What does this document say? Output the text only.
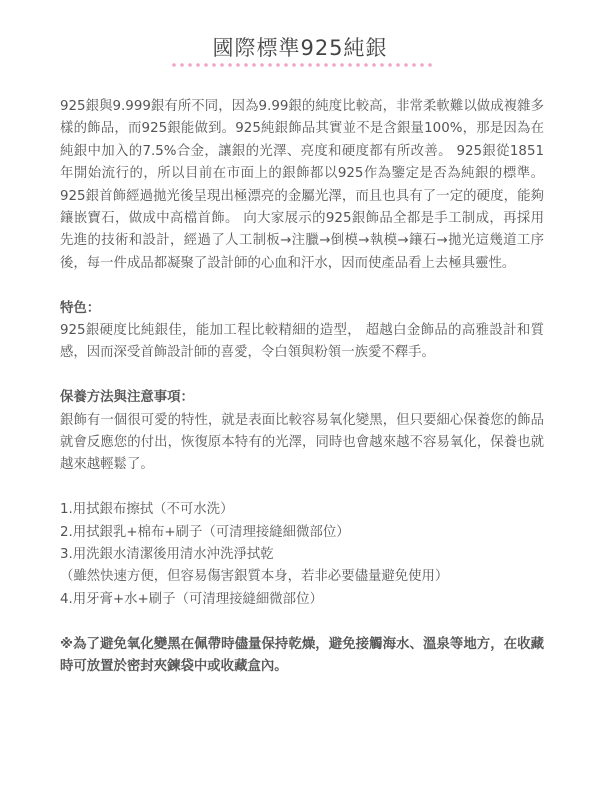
國際標準925純銀

925銀與9.999銀有所不同，因為9.99銀的純度比較高，非常柔軟難以做成複雜多樣的飾品，而925銀能做到。925純銀飾品其實並不是含銀量100%，那是因為在純銀中加入的7.5%合金，讓銀的光澤、亮度和硬度都有所改善。 925銀從1851年開始流行的，所以目前在市面上的銀飾都以925作為鑒定是否為純銀的標準。925銀首飾經過拋光後呈現出極漂亮的金屬光澤，而且也具有了一定的硬度，能夠鑲嵌寶石，做成中高檔首飾。 向大家展示的925銀飾品全都是手工制成，再採用先進的技術和設計，經過了人工制板→注臘→倒模→執模→鑲石→拋光這幾道工序後，每一件成品都凝聚了設計師的心血和汗水，因而使產品看上去極具靈性。

特色：

925銀硬度比純銀佳，能加工程比較精細的造型， 超越白金飾品的高雅設計和質感，因而深受首飾設計師的喜愛，令白領與粉領一族愛不釋手。

保養方法與注意事項：

銀飾有一個很可愛的特性，就是表面比較容易氧化變黑，但只要細心保養您的飾品就會反應您的付出，恢復原本特有的光澤，同時也會越來越不容易氧化，保養也就越來越輕鬆了。

1.用拭銀布擦拭（不可水洗）

2.用拭銀乳+棉布+刷子（可清理接縫細微部位）

3.用洗銀水清潔後用清水沖洗淨拭乾

（雖然快速方便，但容易傷害銀質本身，若非必要儘量避免使用）

4.用牙膏+水+刷子（可清理接縫細微部位）

※為了避免氧化變黑在佩帶時儘量保持乾燥，避免接觸海水、溫泉等地方，在收藏時可放置於密封夾鍊袋中或收藏盒內。
